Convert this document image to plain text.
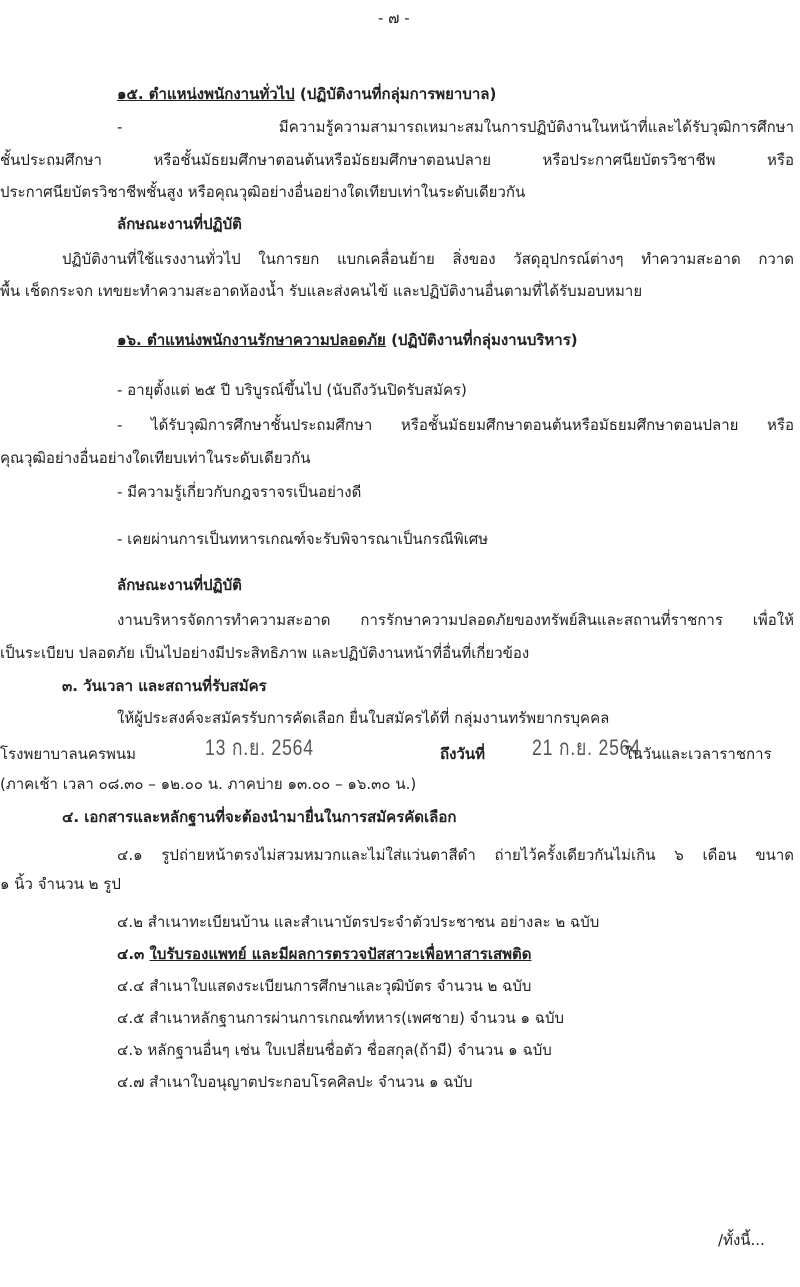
- ๗ -
๑๕. ตำแหน่งพนักงานทั่วไป (ปฏิบัติงานที่กลุ่มการพยาบาล)
- มีความรู้ความสามารถเหมาะสมในการปฏิบัติงานในหน้าที่และได้รับวุฒิการศึกษา
ชั้นประถมศึกษา หรือชั้นมัธยมศึกษาตอนต้นหรือมัธยมศึกษาตอนปลาย หรือประกาศนียบัตรวิชาชีพ หรือ
ประกาศนียบัตรวิชาชีพชั้นสูง หรือคุณวุฒิอย่างอื่นอย่างใดเทียบเท่าในระดับเดียวกัน
ลักษณะงานที่ปฏิบัติ
ปฏิบัติงานที่ใช้แรงงานทั่วไป ในการยก แบกเคลื่อนย้าย สิ่งของ วัสดุอุปกรณ์ต่างๆ ทำความสะอาด กวาด
พื้น เช็ดกระจก เทขยะทำความสะอาดห้องน้ำ รับและส่งคนไข้ และปฏิบัติงานอื่นตามที่ได้รับมอบหมาย
๑๖. ตำแหน่งพนักงานรักษาความปลอดภัย (ปฏิบัติงานที่กลุ่มงานบริหาร)
- อายุตั้งแต่ ๒๕ ปี บริบูรณ์ขึ้นไป (นับถึงวันปิดรับสมัคร)
- ได้รับวุฒิการศึกษาชั้นประถมศึกษา หรือชั้นมัธยมศึกษาตอนต้นหรือมัธยมศึกษาตอนปลาย หรือ
คุณวุฒิอย่างอื่นอย่างใดเทียบเท่าในระดับเดียวกัน
- มีความรู้เกี่ยวกับกฎจราจรเป็นอย่างดี
- เคยผ่านการเป็นทหารเกณฑ์จะรับพิจารณาเป็นกรณีพิเศษ
ลักษณะงานที่ปฏิบัติ
งานบริหารจัดการทำความสะอาด การรักษาความปลอดภัยของทรัพย์สินและสถานที่ราชการ เพื่อให้
เป็นระเบียบ ปลอดภัย เป็นไปอย่างมีประสิทธิภาพ และปฏิบัติงานหน้าที่อื่นที่เกี่ยวข้อง
๓. วันเวลา และสถานที่รับสมัคร
ให้ผู้ประสงค์จะสมัครรับการคัดเลือก ยื่นใบสมัครได้ที่ กลุ่มงานทรัพยากรบุคคล
โรงพยาบาลนครพนม	13 ก.ย. 2564	ถึงวันที่ 21 ก.ย. 2564
ในวันและเวลาราชการ
(ภาคเช้า เวลา ๐๘.๓๐ – ๑๒.๐๐ น. ภาคบ่าย ๑๓.๐๐ – ๑๖.๓๐ น.)
๔. เอกสารและหลักฐานที่จะต้องนำมายื่นในการสมัครคัดเลือก
๔.๑ รูปถ่ายหน้าตรงไม่สวมหมวกและไม่ใส่แว่นตาสีดำ ถ่ายไว้ครั้งเดียวกันไม่เกิน ๖ เดือน ขนาด
๑ นิ้ว จำนวน ๒ รูป
๔.๒ สำเนาทะเบียนบ้าน และสำเนาบัตรประจำตัวประชาชน อย่างละ ๒ ฉบับ
๔.๓ ใบรับรองแพทย์ และมีผลการตรวจปัสสาวะเพื่อหาสารเสพติด
๔.๔ สำเนาใบแสดงระเบียนการศึกษาและวุฒิบัตร จำนวน ๒ ฉบับ
๔.๕ สำเนาหลักฐานการผ่านการเกณฑ์ทหาร(เพศชาย) จำนวน ๑ ฉบับ
๔.๖ หลักฐานอื่นๆ เช่น ใบเปลี่ยนชื่อตัว ชื่อสกุล(ถ้ามี) จำนวน ๑ ฉบับ
๔.๗ สำเนาใบอนุญาตประกอบโรคศิลปะ จำนวน ๑ ฉบับ
/ทั้งนี้...
